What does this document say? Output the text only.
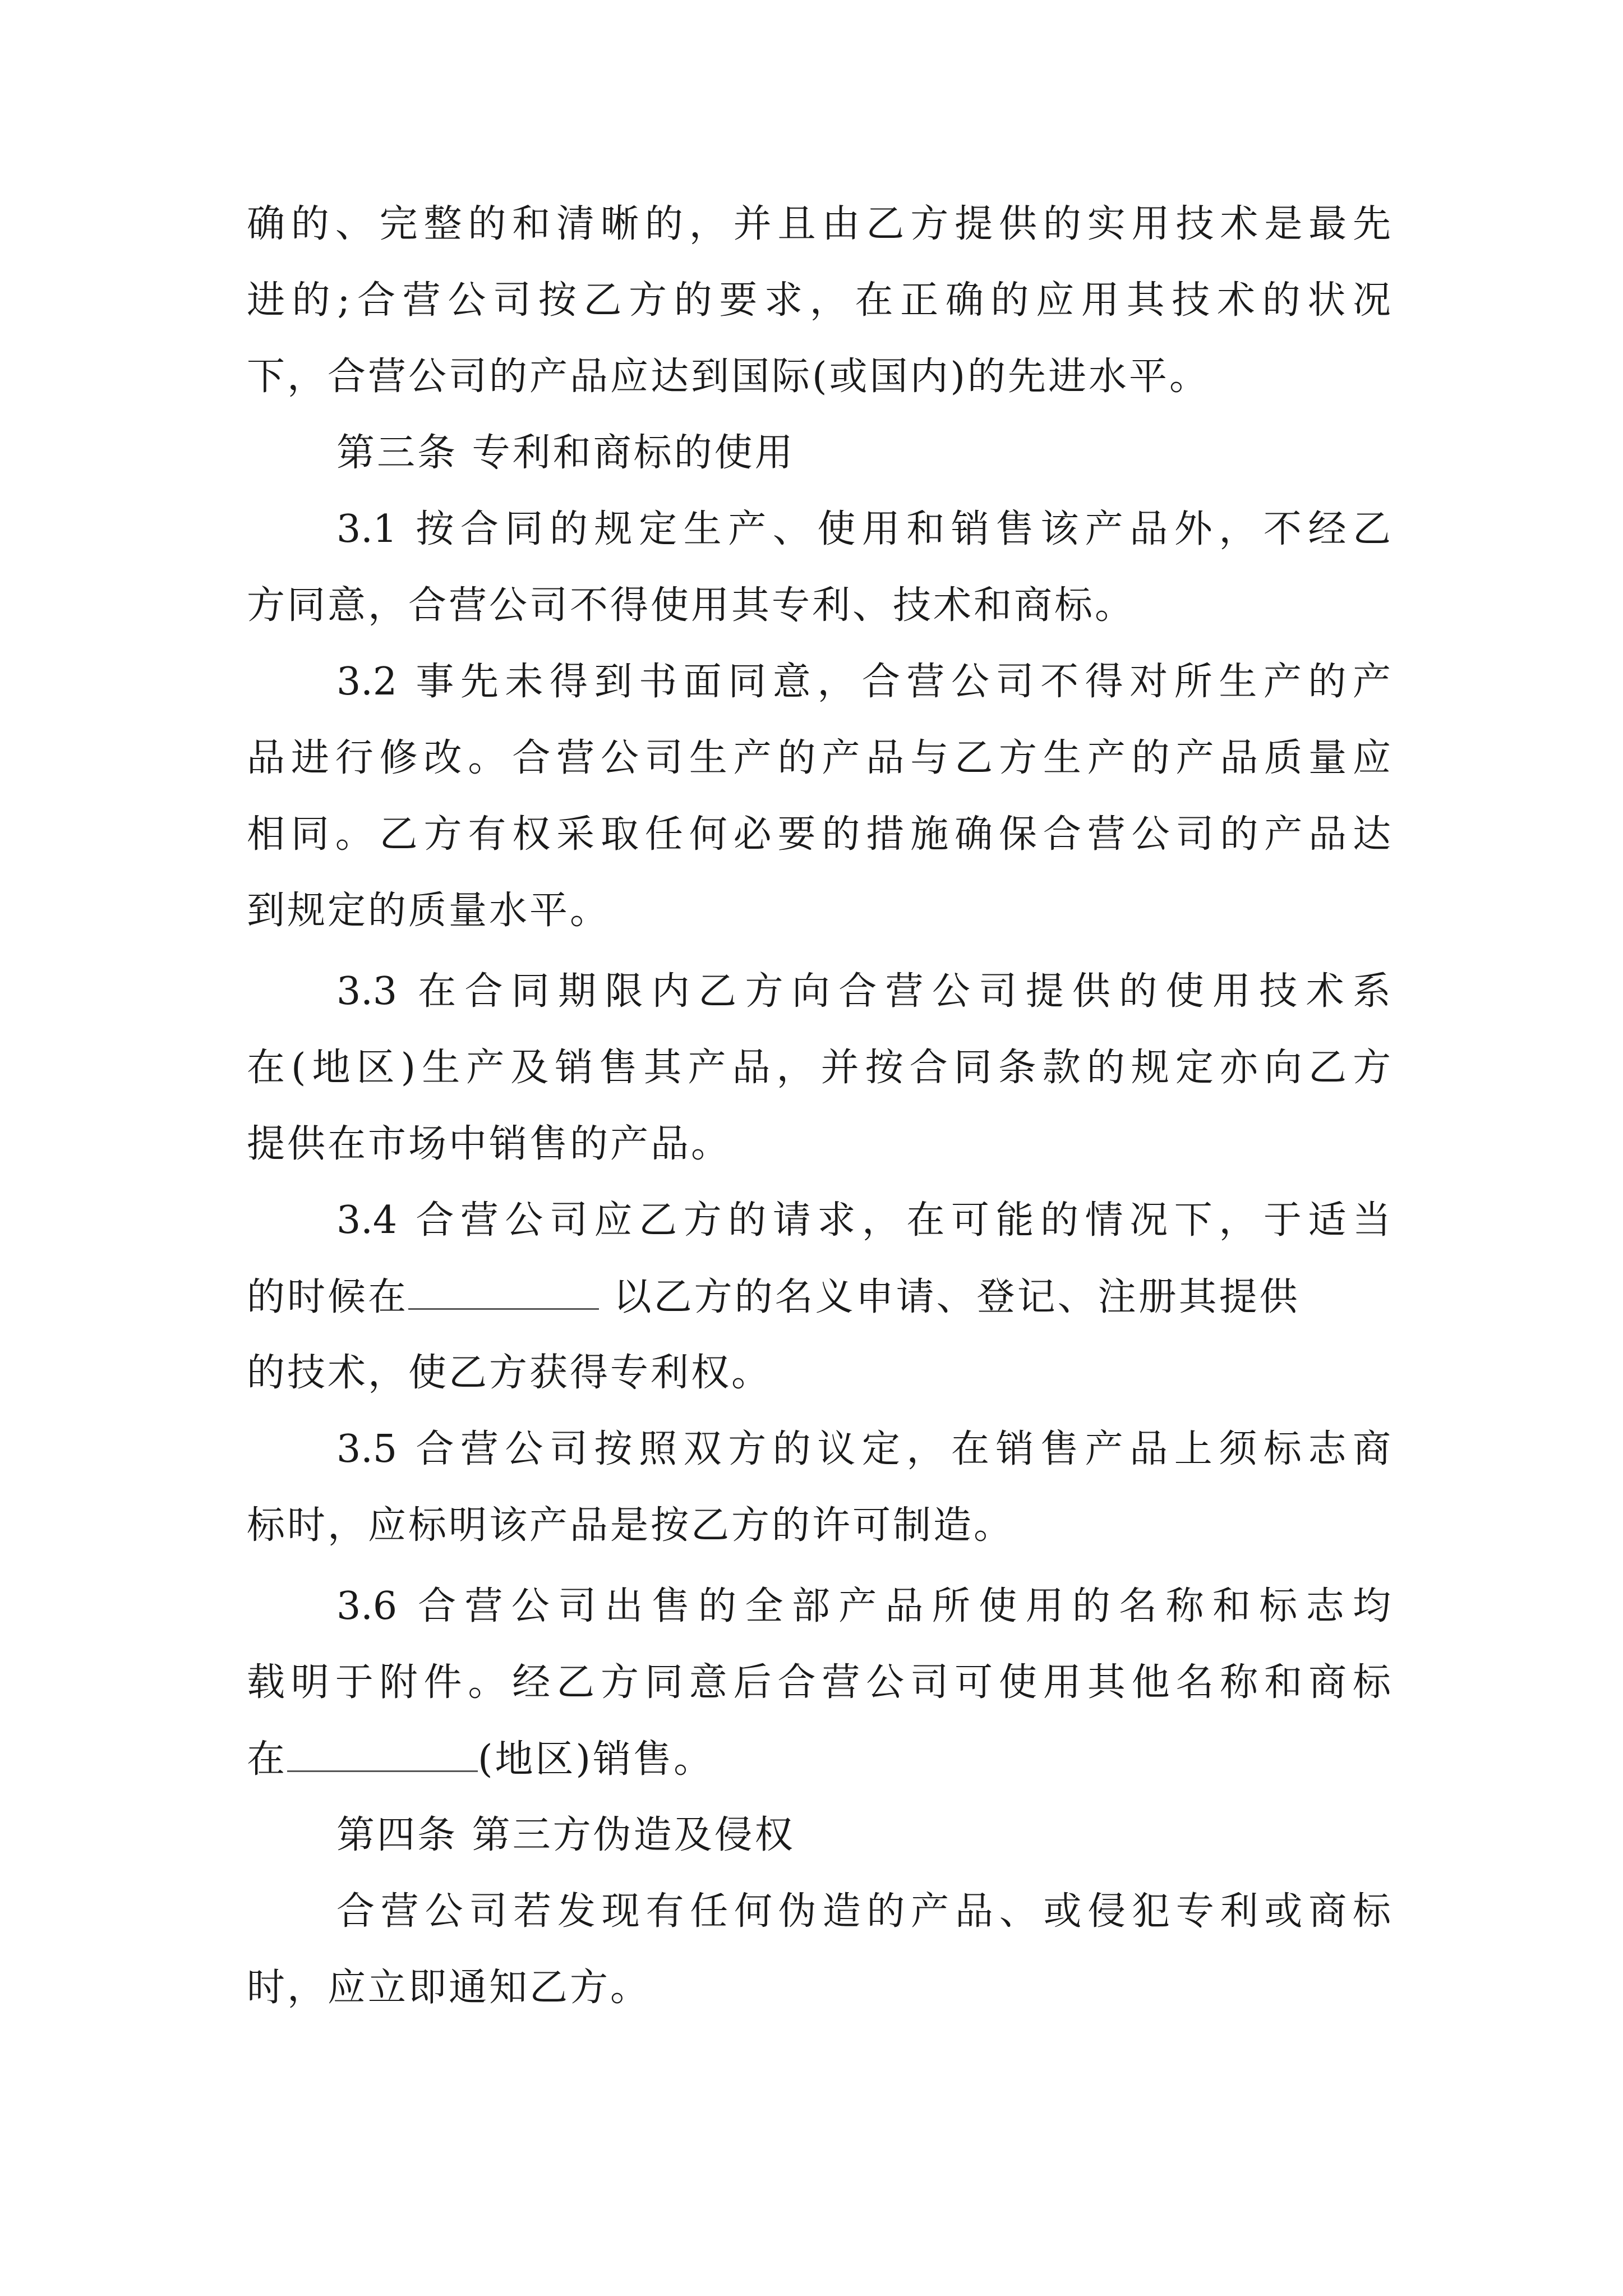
确的、完整的和清晰的，并且由乙方提供的实用技术是最先
进的;合营公司按乙方的要求，在正确的应用其技术的状况
下，合营公司的产品应达到国际(或国内)的先进水平。
第三条 专利和商标的使用
3.1 按合同的规定生产、使用和销售该产品外，不经乙
方同意，合营公司不得使用其专利、技术和商标。
3.2 事先未得到书面同意，合营公司不得对所生产的产
品进行修改。合营公司生产的产品与乙方生产的产品质量应
相同。乙方有权采取任何必要的措施确保合营公司的产品达
到规定的质量水平。
3.3 在合同期限内乙方向合营公司提供的使用技术系
在(地区)生产及销售其产品，并按合同条款的规定亦向乙方
提供在市场中销售的产品。
3.4 合营公司应乙方的请求，在可能的情况下，于适当
的时候在	以乙方的名义申请、登记、注册其提供
的技术，使乙方获得专利权。
3.5 合营公司按照双方的议定，在销售产品上须标志商
标时，应标明该产品是按乙方的许可制造。
3.6 合营公司出售的全部产品所使用的名称和标志均
载明于附件。经乙方同意后合营公司可使用其他名称和商标
在	(地区)销售。
第四条 第三方伪造及侵权
合营公司若发现有任何伪造的产品、或侵犯专利或商标
时，应立即通知乙方。
